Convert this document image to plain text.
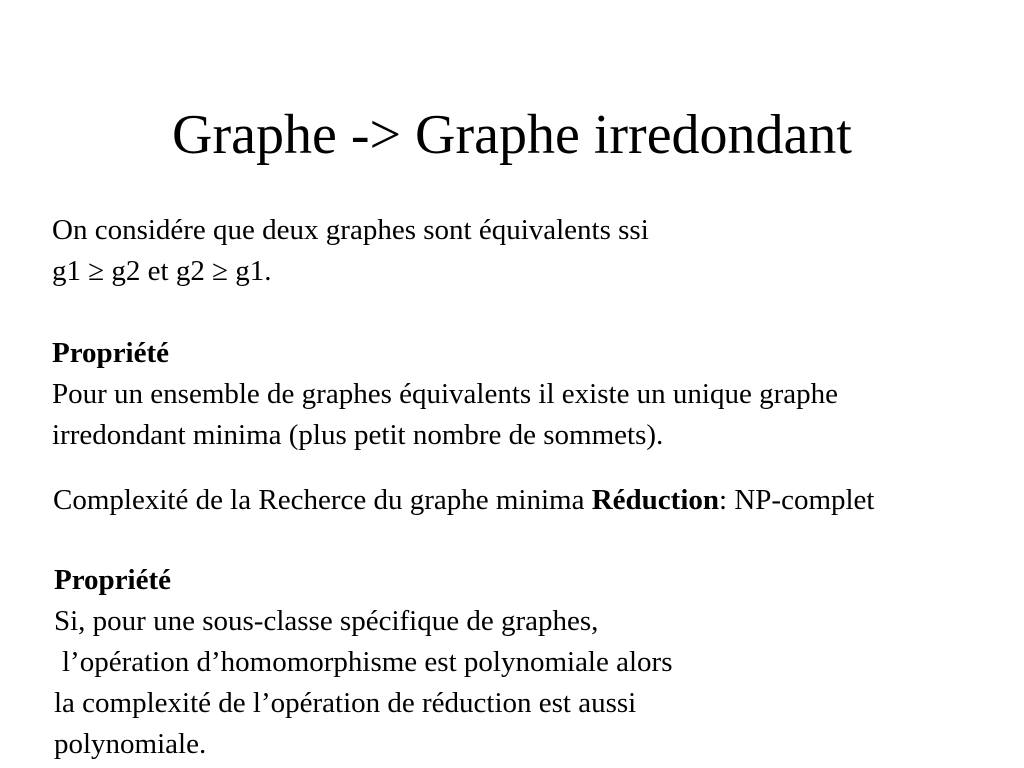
Graphe -> Graphe irredondant
On considére que deux graphes sont équivalents ssi
g1 ≥ g2 et g2 ≥ g1.
Propriété
Pour un ensemble de graphes équivalents il existe un unique graphe
irredondant minima (plus petit nombre de sommets).
Complexité de la Recherce du graphe minima Réduction: NP-complet
Propriété
Si, pour une sous-classe spécifique de graphes,
l’opération d’homomorphisme est polynomiale alors
la complexité de l’opération de réduction est aussi
polynomiale.
